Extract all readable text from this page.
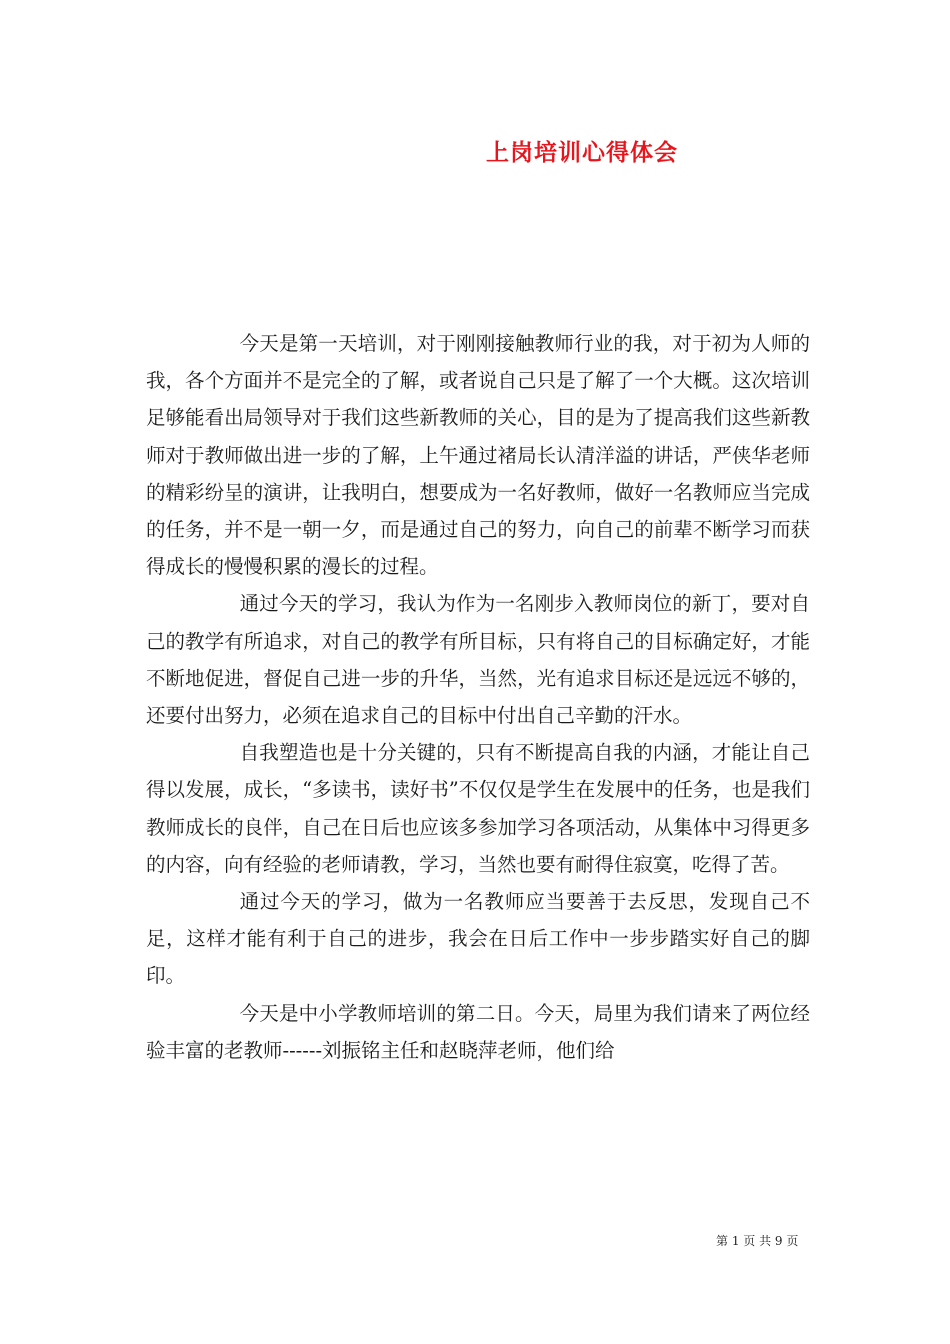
上岗培训心得体会

今天是第一天培训，对于刚刚接触教师行业的我，对于初为人师的我，各个方面并不是完全的了解，或者说自己只是了解了一个大概。这次培训足够能看出局领导对于我们这些新教师的关心，目的是为了提高我们这些新教师对于教师做出进一步的了解，上午通过褚局长认清洋溢的讲话，严侠华老师的精彩纷呈的演讲，让我明白，想要成为一名好教师，做好一名教师应当完成的任务，并不是一朝一夕，而是通过自己的努力，向自己的前辈不断学习而获得成长的慢慢积累的漫长的过程。

通过今天的学习，我认为作为一名刚步入教师岗位的新丁，要对自己的教学有所追求，对自己的教学有所目标，只有将自己的目标确定好，才能不断地促进，督促自己进一步的升华，当然，光有追求目标还是远远不够的，还要付出努力，必须在追求自己的目标中付出自己辛勤的汗水。

自我塑造也是十分关键的，只有不断提高自我的内涵，才能让自己得以发展，成长，“多读书，读好书”不仅仅是学生在发展中的任务，也是我们教师成长的良伴，自己在日后也应该多参加学习各项活动，从集体中习得更多的内容，向有经验的老师请教，学习，当然也要有耐得住寂寞，吃得了苦。

通过今天的学习，做为一名教师应当要善于去反思，发现自己不足，这样才能有利于自己的进步，我会在日后工作中一步步踏实好自己的脚印。

今天是中小学教师培训的第二日。今天，局里为我们请来了两位经验丰富的老教师------刘振铭主任和赵晓萍老师，他们给

第 1 页 共 9 页
